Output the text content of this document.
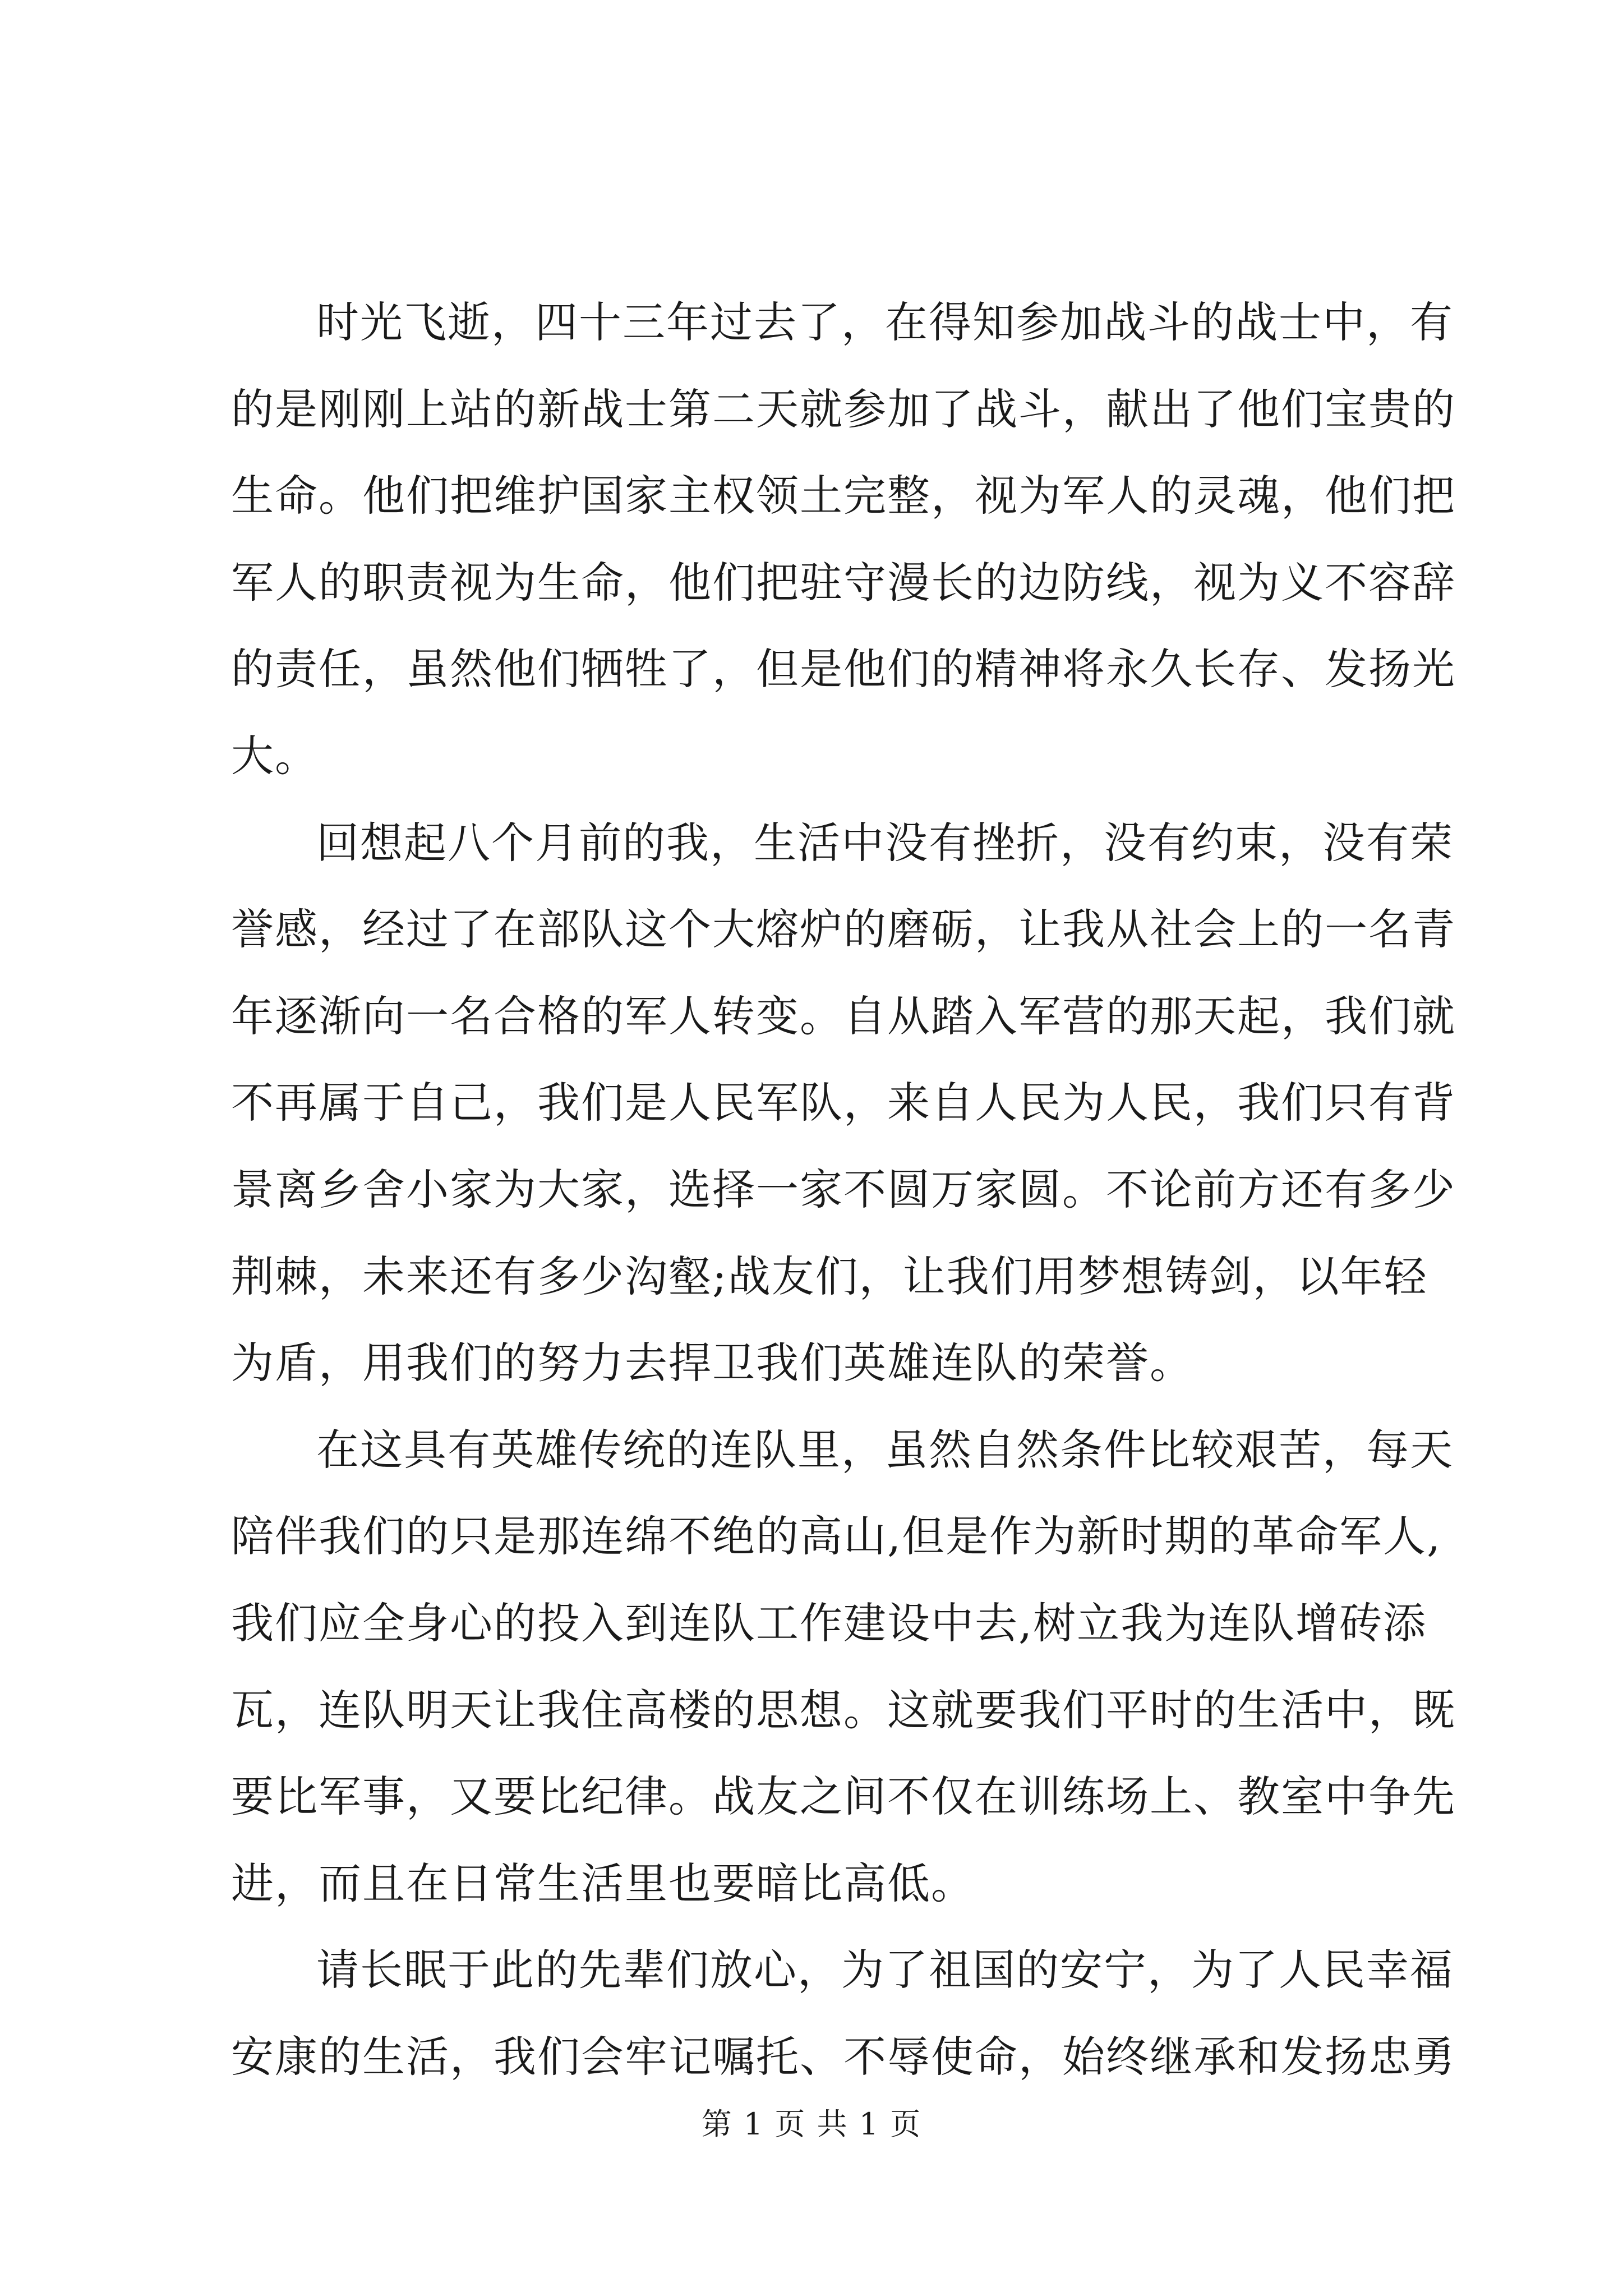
时光飞逝，四十三年过去了，在得知参加战斗的战士中，有
的是刚刚上站的新战士第二天就参加了战斗，献出了他们宝贵的
生命。他们把维护国家主权领土完整，视为军人的灵魂，他们把
军人的职责视为生命，他们把驻守漫长的边防线，视为义不容辞
的责任，虽然他们牺牲了，但是他们的精神将永久长存、发扬光
大。

回想起八个月前的我，生活中没有挫折，没有约束，没有荣
誉感，经过了在部队这个大熔炉的磨砺，让我从社会上的一名青
年逐渐向一名合格的军人转变。自从踏入军营的那天起，我们就
不再属于自己，我们是人民军队，来自人民为人民，我们只有背
景离乡舍小家为大家，选择一家不圆万家圆。不论前方还有多少
荆棘，未来还有多少沟壑;战友们，让我们用梦想铸剑，以年轻
为盾，用我们的努力去捍卫我们英雄连队的荣誉。

在这具有英雄传统的连队里，虽然自然条件比较艰苦，每天
陪伴我们的只是那连绵不绝的高山,但是作为新时期的革命军人,
我们应全身心的投入到连队工作建设中去,树立我为连队增砖添
瓦，连队明天让我住高楼的思想。这就要我们平时的生活中，既
要比军事，又要比纪律。战友之间不仅在训练场上、教室中争先
进，而且在日常生活里也要暗比高低。

请长眠于此的先辈们放心，为了祖国的安宁，为了人民幸福
安康的生活，我们会牢记嘱托、不辱使命，始终继承和发扬忠勇

第 1 页 共 1 页
